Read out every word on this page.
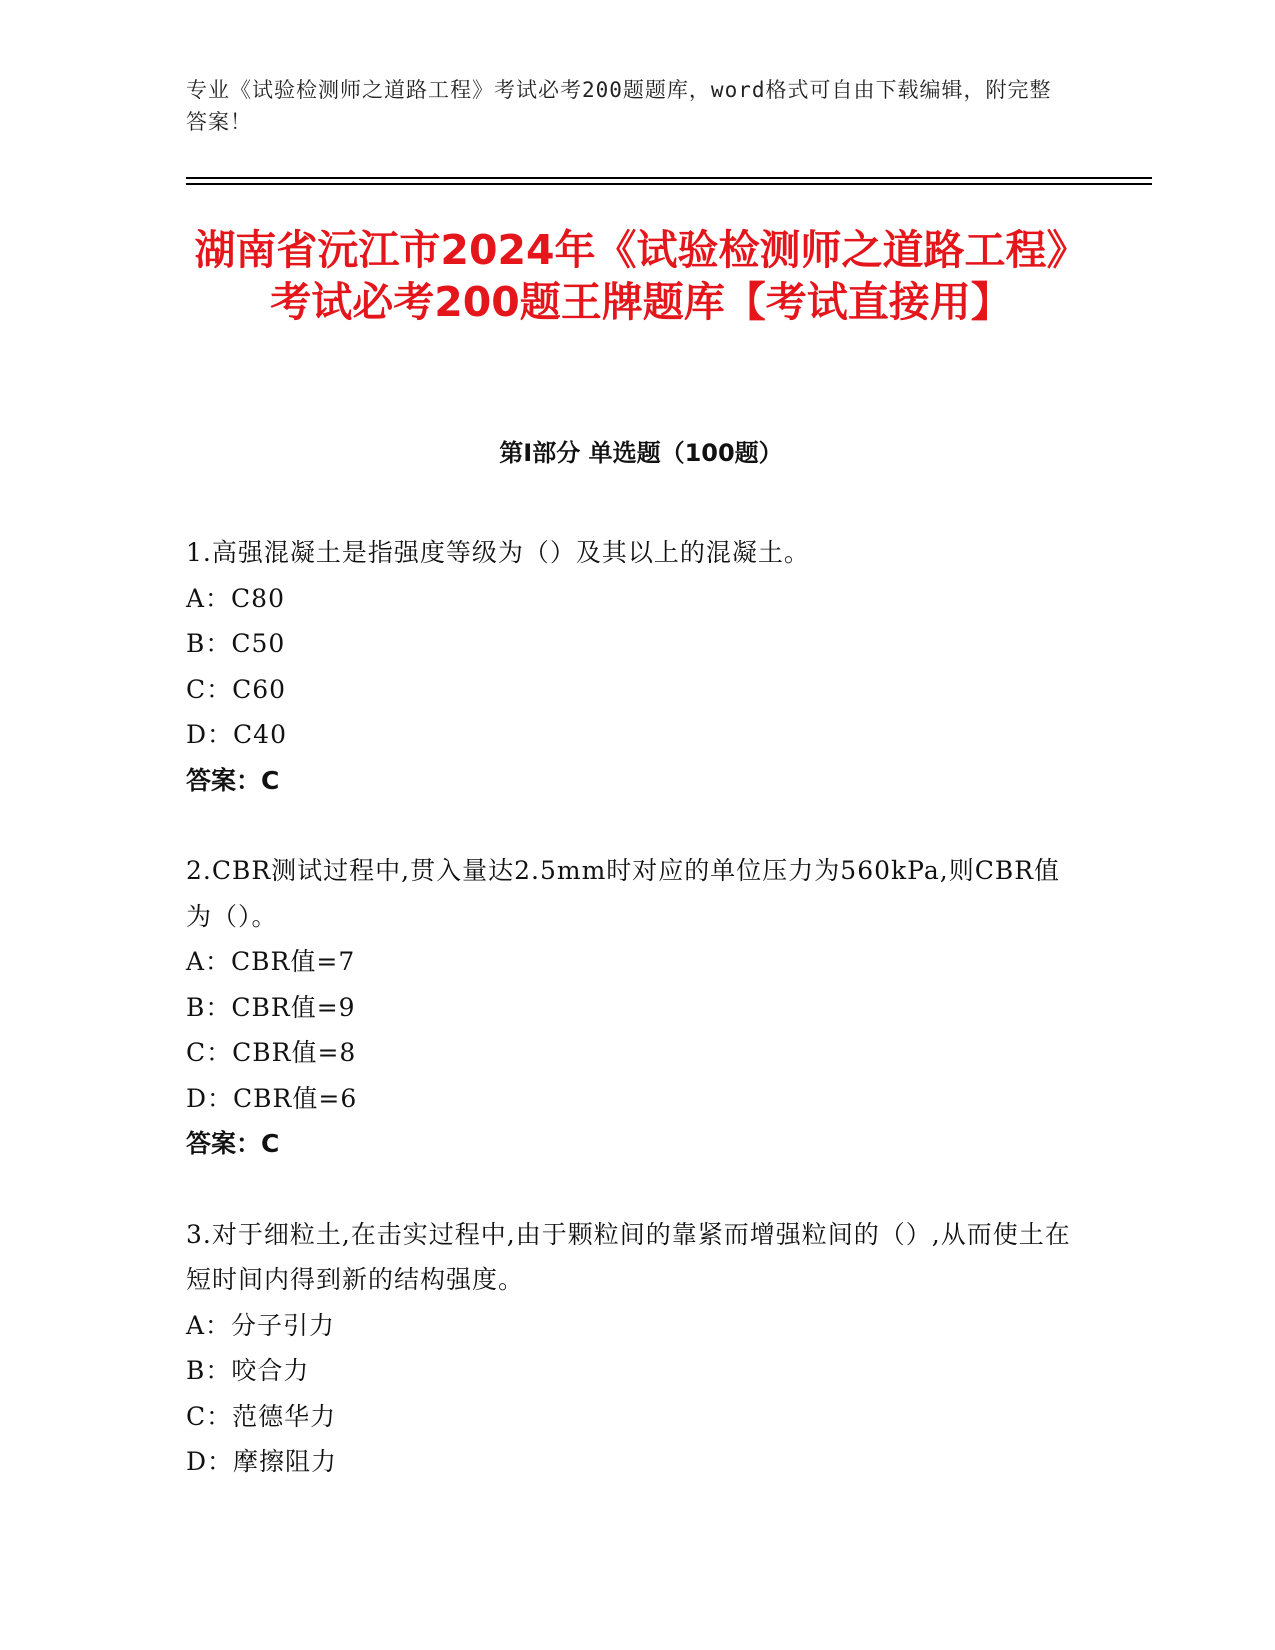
专业《试验检测师之道路工程》考试必考200题题库，word格式可自由下载编辑，附完整答案！
湖南省沅江市2024年《试验检测师之道路工程》考试必考200题王牌题库【考试直接用】
第I部分 单选题（100题）
1.高强混凝土是指强度等级为（）及其以上的混凝土。
A：C80
B：C50
C：C60
D：C40
答案：C
2.CBR测试过程中,贯入量达2.5mm时对应的单位压力为560kPa,则CBR值为（）。
A：CBR值=7
B：CBR值=9
C：CBR值=8
D：CBR值=6
答案：C
3.对于细粒土,在击实过程中,由于颗粒间的靠紧而增强粒间的（）,从而使土在短时间内得到新的结构强度。
A：分子引力
B：咬合力
C：范德华力
D：摩擦阻力
